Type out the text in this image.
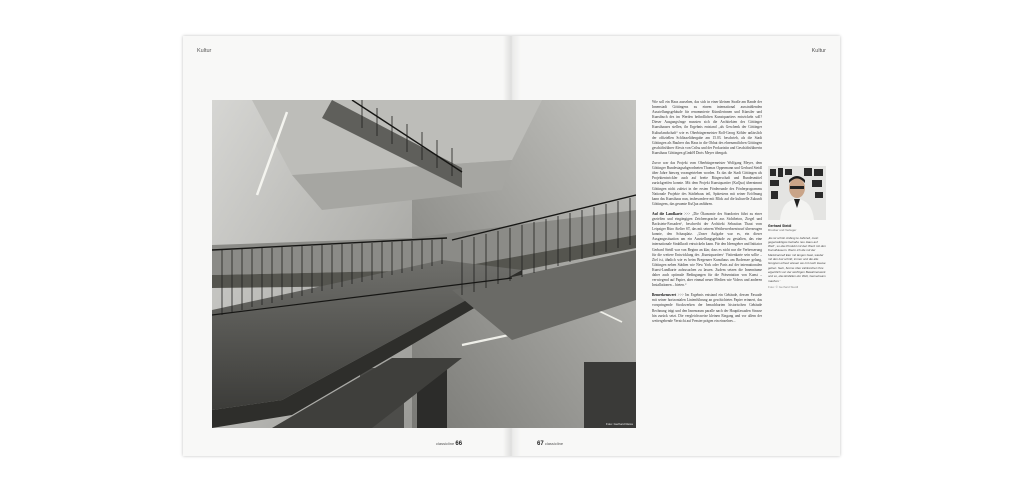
Kultur	Kultur
Foto: Gerhard Reiss

Wie soll ein Haus aussehen, das sich in einer kleinen Straße am Rande der Innenstadt Göttingens zu einem international ausstrahlenden Ausstellungsgebäude für renommierte Künstlerinnen und Künstler und Kunstbuch des im Werden befindlichen Kunstquartiers entwickeln soll? Dieser Ausgangsfrage mussten sich die Architekten des Göttinger Kunsthauses stellen, ihr Ergebnis entstand „als Geschenk der Göttinger Kulturlandschaft“ wie es Oberbürgermeister Rolf-Georg Köhler anlässlich der offiziellen Schlüsselübergabe am 15.03. beschrieb, als die Stadt Göttingen als Bauherr das Haus in die Obhut des ehrenamtlichen Göttingen geschäftsführer Alexis von Crilsu und der Prokuristin und Geschäftsführerin Kunsthaus Göttingen gGmbH Doris Meyer übergab.

Zuvor war das Projekt vom Oberbürgermeister Wolfgang Meyer, dem Göttinger Bundestagsabgeordneten Thomas Oppermann und Gerhard Steidl über Jahre hinweg vorangetrieben worden. Es das die Stadt Göttingen als Projektentwickler auch auf breite Bürgerschaft und Bundesmittel zurückgreifen konnte. Mit dem Projekt Kunstquartier (KuQua) übernimmt Göttingen nicht zuletzt in der ersten Förderrunde des Förderprogramms Nationale Projekte des Städtebaus teil, Spätestens mit seiner Eröffnung kann das Kunsthaus nun, insbesondere mit Blick auf die kulturelle Zukunft Göttingens, das gesamte KuQua anführen.

Auf die Landkarte >>> „Die Ökonomie des Standortes führt zu einer gezielten und eingängigen Zeichensprache aus Sichtbeton, Ziegel und Backstein-Fassaden“, beschreibt der Architekt Sebastian Thaut vom Leipziger Büro Atelier ST, das mit seinem Wettbewerbsentwurf überzeugen konnte, den Schauplatz. „Unser Aufgabe war es, ein dieser Ausgangssituation am ein Ausstellungsgebäude zu gestalten, das eine internationale Strahlkraft entwickeln kann. Für den Ideengeber und Initiator Gerhard Steidl war von Beginn an klar, dass es nicht nur die Verbesserung für die weitere Entwicklung des ‚Kunstquartiers‘ Visitenkarte sein sollte – Ziel ist, ähnlich wie es beim Bregenzer Kunsthaus am Bodensee gelang, Göttingen neben Städten wie New York oder Paris auf der internationalen Kunst-Landkarte aufzusuchen zu lassen. Zudem setzen die Innenräume daher auch optimale Bedingungen für die Präsentation von Kunst – verwiegend auf Papier, aber einmal neuer Medien wie Videos und anderen Installationen – bieten.“

Bemerkenswert >>> Im Ergebnis entstand ein Gebäude, dessen Fassade mit seiner horizontalen Linienführung an geschichtetes Papier erinnert, das vorspringende Stockwerken der benachbarten historischen Gebäude Rechnung trägt und den Innenraum paralle nach der Hauptfassaden Strasse hin zurück setzt. Die vergleichsweise kleinen Eingang und vor allem der weitergehende Verzicht auf Fenster prägen ein einzelnes...

Gerhard Steidl
Drucker und Verleger
„Es ist schön Anfang te Jahrzeit, mein gegenwärtiges beinahe neu Haus auf Welt“, so das Produkt mit den Werk mit den Kunsthäusern. Wenn ich die mit der Marktcannell Eier mit langen Gast, wieder mit den lust schritt, immer und die alle Gruppen erfreut wissen sie mit nach Hause gehen. Sein, Sonne über zahlreichen Ihre eigentlich von der wichtigen Bewahrenwerk und so, das Einfallen der Welt, Gemeinsam machen.“
Foto: © Gerhard Steidl
classicline 66	67 classicline
